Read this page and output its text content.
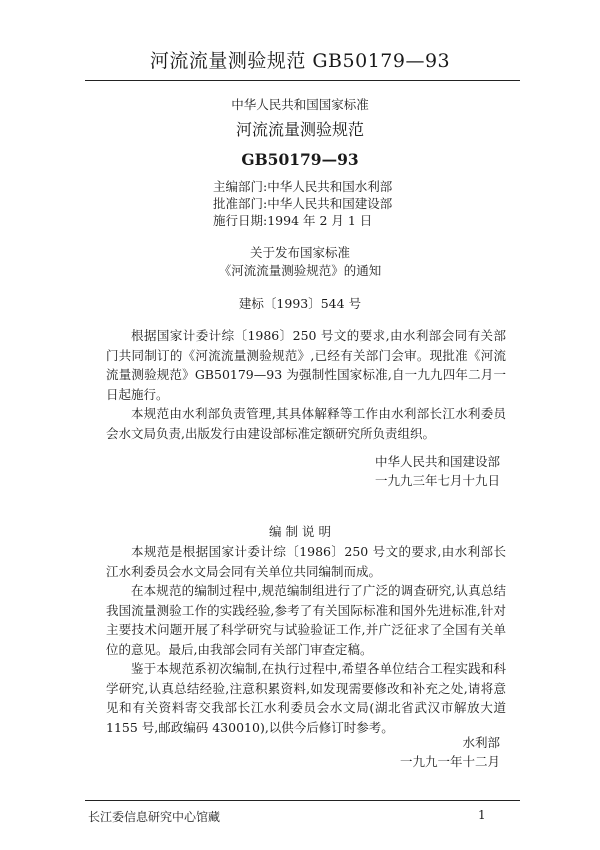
河流流量测验规范 GB50179—93
中华人民共和国国家标准
河流流量测验规范
GB50179—93
主编部门:中华人民共和国水利部
批准部门:中华人民共和国建设部
施行日期:1994 年 2 月 1 日
关于发布国家标准
《河流流量测验规范》的通知
建标〔1993〕544 号

根据国家计委计综〔1986〕250 号文的要求,由水利部会同有关部门共同制订的《河流流量测验规范》,已经有关部门会审。现批准《河流流量测验规范》GB50179—93 为强制性国家标准,自一九九四年二月一日起施行。

本规范由水利部负责管理,其具体解释等工作由水利部长江水利委员会水文局负责,出版发行由建设部标准定额研究所负责组织。

中华人民共和国建设部
一九九三年七月十九日
编 制 说 明

本规范是根据国家计委计综〔1986〕250 号文的要求,由水利部长江水利委员会水文局会同有关单位共同编制而成。

在本规范的编制过程中,规范编制组进行了广泛的调查研究,认真总结我国流量测验工作的实践经验,参考了有关国际标准和国外先进标准,针对主要技术问题开展了科学研究与试验验证工作,并广泛征求了全国有关单位的意见。最后,由我部会同有关部门审查定稿。

鉴于本规范系初次编制,在执行过程中,希望各单位结合工程实践和科学研究,认真总结经验,注意积累资料,如发现需要修改和补充之处,请将意见和有关资料寄交我部长江水利委员会水文局(湖北省武汉市解放大道 1155 号,邮政编码 430010),以供今后修订时参考。

水利部
一九九一年十二月
长江委信息研究中心馆藏	1
